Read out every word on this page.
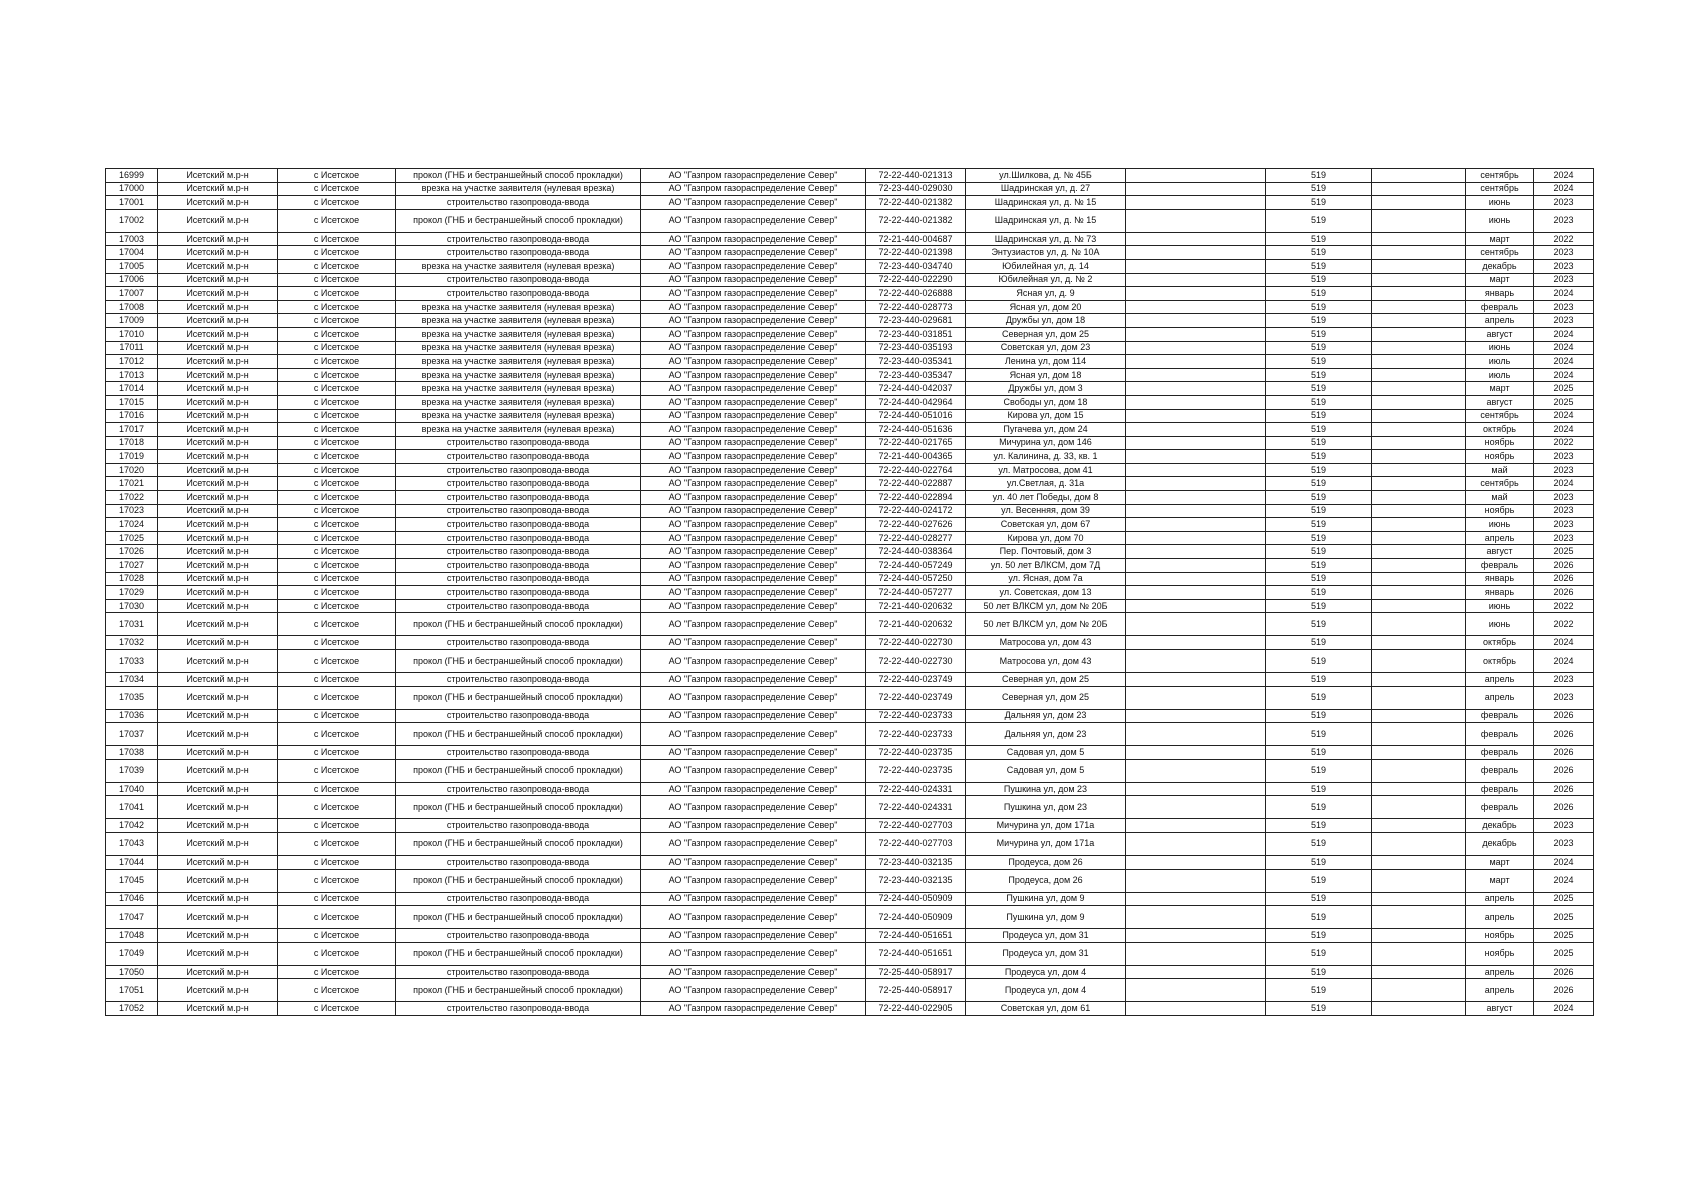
16999	Исетский м.р-н	с Исетское	прокол (ГНБ и бестраншейный способ прокладки)	АО "Газпром газораспределение Север"	72-22-440-021313	ул.Шилкова, д. № 45Б		519		сентябрь	2024
17000	Исетский м.р-н	с Исетское	врезка на участке заявителя (нулевая врезка)	АО "Газпром газораспределение Север"	72-23-440-029030	Шадринская ул, д. 27		519		сентябрь	2024
17001	Исетский м.р-н	с Исетское	строительство газопровода-ввода	АО "Газпром газораспределение Север"	72-22-440-021382	Шадринская ул, д. № 15		519		июнь	2023
17002	Исетский м.р-н	с Исетское	прокол (ГНБ и бестраншейный способ прокладки)	АО "Газпром газораспределение Север"	72-22-440-021382	Шадринская ул, д. № 15		519		июнь	2023
17003	Исетский м.р-н	с Исетское	строительство газопровода-ввода	АО "Газпром газораспределение Север"	72-21-440-004687	Шадринская ул, д. № 73		519		март	2022
17004	Исетский м.р-н	с Исетское	строительство газопровода-ввода	АО "Газпром газораспределение Север"	72-22-440-021398	Энтузиастов ул, д. № 10А		519		сентябрь	2023
17005	Исетский м.р-н	с Исетское	врезка на участке заявителя (нулевая врезка)	АО "Газпром газораспределение Север"	72-23-440-034740	Юбилейная ул, д. 14		519		декабрь	2023
17006	Исетский м.р-н	с Исетское	строительство газопровода-ввода	АО "Газпром газораспределение Север"	72-22-440-022290	Юбилейная ул, д. № 2		519		март	2023
17007	Исетский м.р-н	с Исетское	строительство газопровода-ввода	АО "Газпром газораспределение Север"	72-22-440-026888	Ясная ул, д. 9		519		январь	2024
17008	Исетский м.р-н	с Исетское	врезка на участке заявителя (нулевая врезка)	АО "Газпром газораспределение Север"	72-22-440-028773	Ясная ул, дом 20		519		февраль	2023
17009	Исетский м.р-н	с Исетское	врезка на участке заявителя (нулевая врезка)	АО "Газпром газораспределение Север"	72-23-440-029681	Дружбы ул, дом 18		519		апрель	2023
17010	Исетский м.р-н	с Исетское	врезка на участке заявителя (нулевая врезка)	АО "Газпром газораспределение Север"	72-23-440-031851	Северная ул, дом 25		519		август	2024
17011	Исетский м.р-н	с Исетское	врезка на участке заявителя (нулевая врезка)	АО "Газпром газораспределение Север"	72-23-440-035193	Советская ул, дом 23		519		июнь	2024
17012	Исетский м.р-н	с Исетское	врезка на участке заявителя (нулевая врезка)	АО "Газпром газораспределение Север"	72-23-440-035341	Ленина ул, дом 114		519		июль	2024
17013	Исетский м.р-н	с Исетское	врезка на участке заявителя (нулевая врезка)	АО "Газпром газораспределение Север"	72-23-440-035347	Ясная ул, дом 18		519		июль	2024
17014	Исетский м.р-н	с Исетское	врезка на участке заявителя (нулевая врезка)	АО "Газпром газораспределение Север"	72-24-440-042037	Дружбы ул, дом 3		519		март	2025
17015	Исетский м.р-н	с Исетское	врезка на участке заявителя (нулевая врезка)	АО "Газпром газораспределение Север"	72-24-440-042964	Свободы ул, дом 18		519		август	2025
17016	Исетский м.р-н	с Исетское	врезка на участке заявителя (нулевая врезка)	АО "Газпром газораспределение Север"	72-24-440-051016	Кирова ул, дом 15		519		сентябрь	2024
17017	Исетский м.р-н	с Исетское	врезка на участке заявителя (нулевая врезка)	АО "Газпром газораспределение Север"	72-24-440-051636	Пугачева ул, дом 24		519		октябрь	2024
17018	Исетский м.р-н	с Исетское	строительство газопровода-ввода	АО "Газпром газораспределение Север"	72-22-440-021765	Мичурина ул, дом 146		519		ноябрь	2022
17019	Исетский м.р-н	с Исетское	строительство газопровода-ввода	АО "Газпром газораспределение Север"	72-21-440-004365	ул. Калинина, д. 33, кв. 1		519		ноябрь	2023
17020	Исетский м.р-н	с Исетское	строительство газопровода-ввода	АО "Газпром газораспределение Север"	72-22-440-022764	ул. Матросова, дом 41		519		май	2023
17021	Исетский м.р-н	с Исетское	строительство газопровода-ввода	АО "Газпром газораспределение Север"	72-22-440-022887	ул.Светлая, д. 31а		519		сентябрь	2024
17022	Исетский м.р-н	с Исетское	строительство газопровода-ввода	АО "Газпром газораспределение Север"	72-22-440-022894	ул. 40 лет Победы, дом 8		519		май	2023
17023	Исетский м.р-н	с Исетское	строительство газопровода-ввода	АО "Газпром газораспределение Север"	72-22-440-024172	ул. Весенняя, дом 39		519		ноябрь	2023
17024	Исетский м.р-н	с Исетское	строительство газопровода-ввода	АО "Газпром газораспределение Север"	72-22-440-027626	Советская ул, дом 67		519		июнь	2023
17025	Исетский м.р-н	с Исетское	строительство газопровода-ввода	АО "Газпром газораспределение Север"	72-22-440-028277	Кирова ул, дом 70		519		апрель	2023
17026	Исетский м.р-н	с Исетское	строительство газопровода-ввода	АО "Газпром газораспределение Север"	72-24-440-038364	Пер. Почтовый, дом 3		519		август	2025
17027	Исетский м.р-н	с Исетское	строительство газопровода-ввода	АО "Газпром газораспределение Север"	72-24-440-057249	ул. 50 лет ВЛКСМ, дом 7Д		519		февраль	2026
17028	Исетский м.р-н	с Исетское	строительство газопровода-ввода	АО "Газпром газораспределение Север"	72-24-440-057250	ул. Ясная, дом 7а		519		январь	2026
17029	Исетский м.р-н	с Исетское	строительство газопровода-ввода	АО "Газпром газораспределение Север"	72-24-440-057277	ул. Советская, дом 13		519		январь	2026
17030	Исетский м.р-н	с Исетское	строительство газопровода-ввода	АО "Газпром газораспределение Север"	72-21-440-020632	50 лет ВЛКСМ ул, дом № 20Б		519		июнь	2022
17031	Исетский м.р-н	с Исетское	прокол (ГНБ и бестраншейный способ прокладки)	АО "Газпром газораспределение Север"	72-21-440-020632	50 лет ВЛКСМ ул, дом № 20Б		519		июнь	2022
17032	Исетский м.р-н	с Исетское	строительство газопровода-ввода	АО "Газпром газораспределение Север"	72-22-440-022730	Матросова ул, дом 43		519		октябрь	2024
17033	Исетский м.р-н	с Исетское	прокол (ГНБ и бестраншейный способ прокладки)	АО "Газпром газораспределение Север"	72-22-440-022730	Матросова ул, дом 43		519		октябрь	2024
17034	Исетский м.р-н	с Исетское	строительство газопровода-ввода	АО "Газпром газораспределение Север"	72-22-440-023749	Северная ул, дом 25		519		апрель	2023
17035	Исетский м.р-н	с Исетское	прокол (ГНБ и бестраншейный способ прокладки)	АО "Газпром газораспределение Север"	72-22-440-023749	Северная ул, дом 25		519		апрель	2023
17036	Исетский м.р-н	с Исетское	строительство газопровода-ввода	АО "Газпром газораспределение Север"	72-22-440-023733	Дальняя ул, дом 23		519		февраль	2026
17037	Исетский м.р-н	с Исетское	прокол (ГНБ и бестраншейный способ прокладки)	АО "Газпром газораспределение Север"	72-22-440-023733	Дальняя ул, дом 23		519		февраль	2026
17038	Исетский м.р-н	с Исетское	строительство газопровода-ввода	АО "Газпром газораспределение Север"	72-22-440-023735	Садовая ул, дом 5		519		февраль	2026
17039	Исетский м.р-н	с Исетское	прокол (ГНБ и бестраншейный способ прокладки)	АО "Газпром газораспределение Север"	72-22-440-023735	Садовая ул, дом 5		519		февраль	2026
17040	Исетский м.р-н	с Исетское	строительство газопровода-ввода	АО "Газпром газораспределение Север"	72-22-440-024331	Пушкина ул, дом 23		519		февраль	2026
17041	Исетский м.р-н	с Исетское	прокол (ГНБ и бестраншейный способ прокладки)	АО "Газпром газораспределение Север"	72-22-440-024331	Пушкина ул, дом 23		519		февраль	2026
17042	Исетский м.р-н	с Исетское	строительство газопровода-ввода	АО "Газпром газораспределение Север"	72-22-440-027703	Мичурина ул, дом 171а		519		декабрь	2023
17043	Исетский м.р-н	с Исетское	прокол (ГНБ и бестраншейный способ прокладки)	АО "Газпром газораспределение Север"	72-22-440-027703	Мичурина ул, дом 171а		519		декабрь	2023
17044	Исетский м.р-н	с Исетское	строительство газопровода-ввода	АО "Газпром газораспределение Север"	72-23-440-032135	Продеуса, дом 26		519		март	2024
17045	Исетский м.р-н	с Исетское	прокол (ГНБ и бестраншейный способ прокладки)	АО "Газпром газораспределение Север"	72-23-440-032135	Продеуса, дом 26		519		март	2024
17046	Исетский м.р-н	с Исетское	строительство газопровода-ввода	АО "Газпром газораспределение Север"	72-24-440-050909	Пушкина ул, дом 9		519		апрель	2025
17047	Исетский м.р-н	с Исетское	прокол (ГНБ и бестраншейный способ прокладки)	АО "Газпром газораспределение Север"	72-24-440-050909	Пушкина ул, дом 9		519		апрель	2025
17048	Исетский м.р-н	с Исетское	строительство газопровода-ввода	АО "Газпром газораспределение Север"	72-24-440-051651	Продеуса ул, дом 31		519		ноябрь	2025
17049	Исетский м.р-н	с Исетское	прокол (ГНБ и бестраншейный способ прокладки)	АО "Газпром газораспределение Север"	72-24-440-051651	Продеуса ул, дом 31		519		ноябрь	2025
17050	Исетский м.р-н	с Исетское	строительство газопровода-ввода	АО "Газпром газораспределение Север"	72-25-440-058917	Продеуса ул, дом 4		519		апрель	2026
17051	Исетский м.р-н	с Исетское	прокол (ГНБ и бестраншейный способ прокладки)	АО "Газпром газораспределение Север"	72-25-440-058917	Продеуса ул, дом 4		519		апрель	2026
17052	Исетский м.р-н	с Исетское	строительство газопровода-ввода	АО "Газпром газораспределение Север"	72-22-440-022905	Советская ул, дом 61		519		август	2024
